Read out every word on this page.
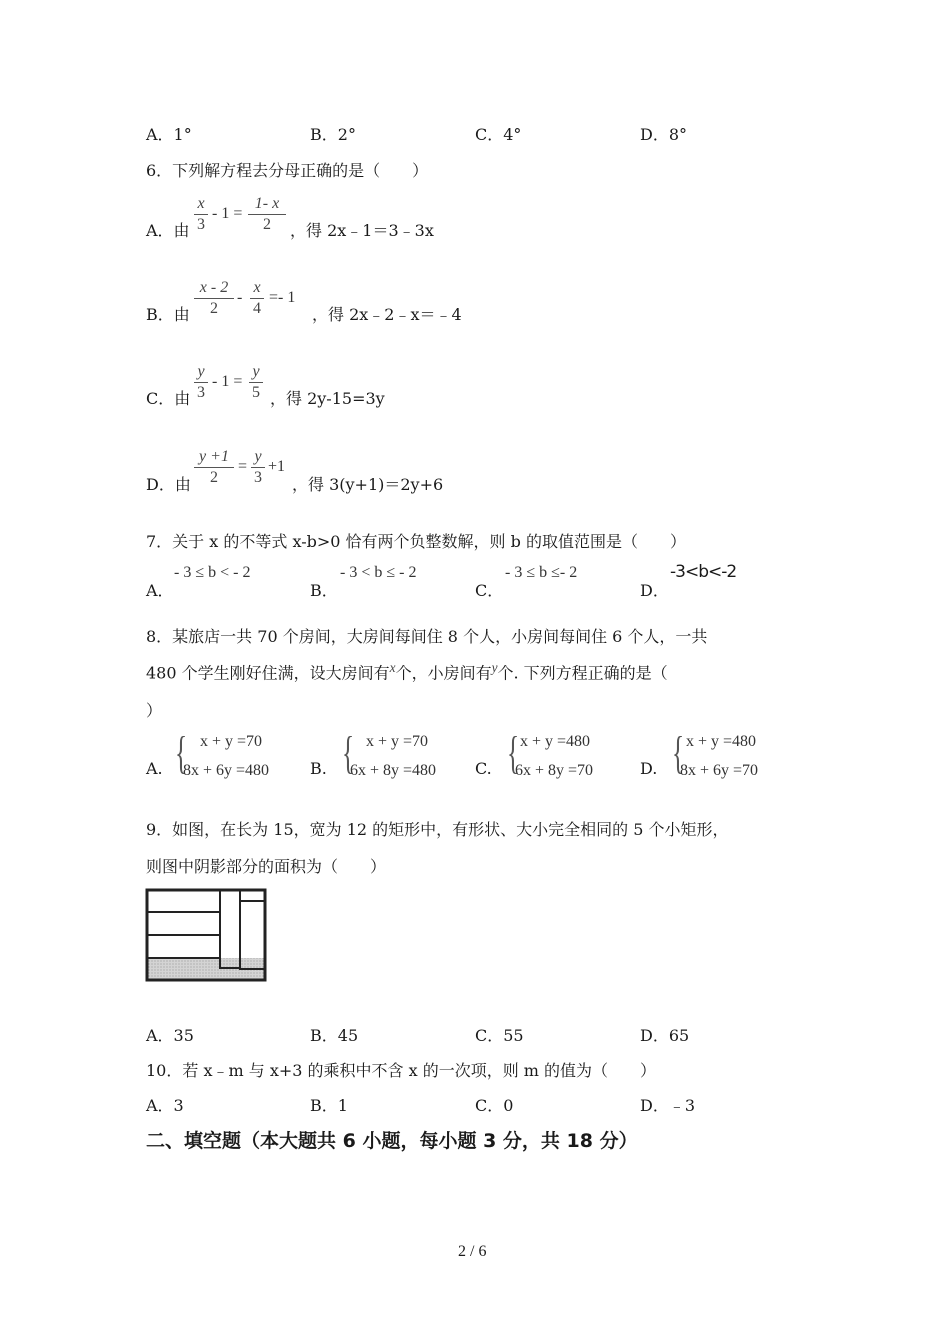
A．1°	B．2°	C．4°	D．8°
6．下列解方程去分母正确的是（　　）
A．由 $\frac{x}{3} - 1 = \frac{1- x}{2}$ ，得 2x﹣1＝3﹣3x
B．由 $\frac{x - 2}{2} - \frac{x}{4} =- 1$
，得 2x﹣2﹣x＝﹣4
C．由 $\frac{y}{3} - 1 = \frac{y}{5}$ ，得 2y-15=3y
D．由 $\frac{y +1}{2} = \frac{y}{3} +1$
，得 3(y+1)＝2y+6
7．关于 x 的不等式 x-b>0 恰有两个负整数解，则 b 的取值范围是（　　）
A．
- 3 ≤ b < - 2
B．
- 3 < b ≤ - 2
C．
- 3 ≤ b ≤- 2
D．
-3<b<-2
8．某旅店一共 70 个房间，大房间每间住 8 个人，小房间每间住 6 个人，一共
480 个学生刚好住满，设大房间有$^x$个，小房间有$^y$个. 下列方程正确的是（
）
A. { x + y =70
8x + 6y =480	B. { x + y =70
6x + 8y =480 C. { x + y =480
6x + 8y =70	D. { x + y =480
8x + 6y =70
9．如图，在长为 15，宽为 12 的矩形中，有形状、大小完全相同的 5 个小矩形，
则图中阴影部分的面积为（　　）
A．35	B．45	C．55	D．65
10．若 x﹣m 与 x+3 的乘积中不含 x 的一次项，则 m 的值为（　　）
A．3	B．1	C．0	D．﹣3
二、填空题（本大题共 6 小题，每小题 3 分，共 18 分）
2 / 6
